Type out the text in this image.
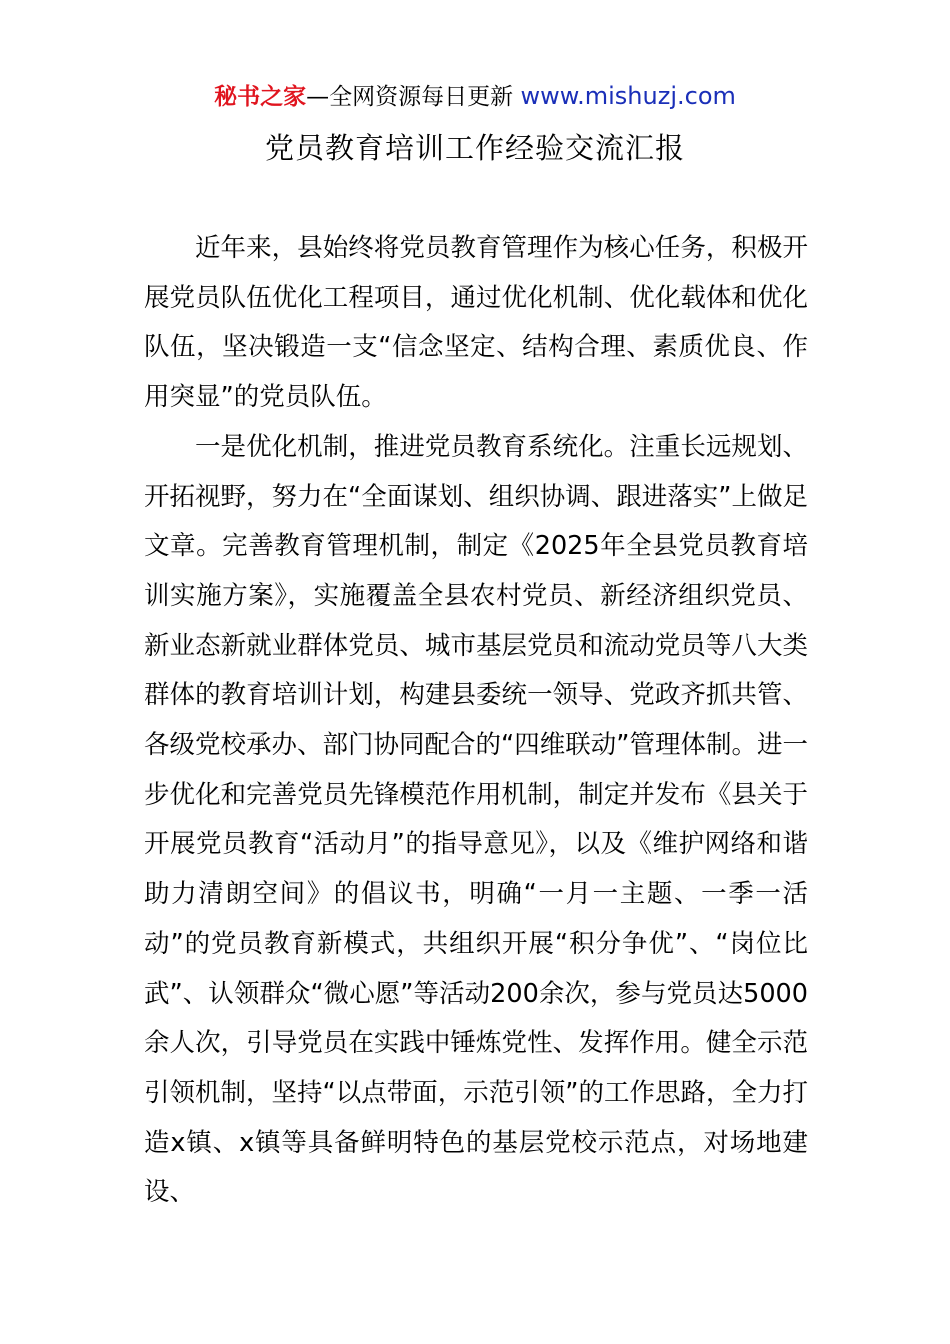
秘书之家—全网资源每日更新 www.mishuzj.com
党员教育培训工作经验交流汇报

近年来，县始终将党员教育管理作为核心任务，积极开展党员队伍优化工程项目，通过优化机制、优化载体和优化队伍，坚决锻造一支“信念坚定、结构合理、素质优良、作用突显”的党员队伍。

一是优化机制，推进党员教育系统化。注重长远规划、开拓视野，努力在“全面谋划、组织协调、跟进落实”上做足文章。完善教育管理机制，制定《2025年全县党员教育培训实施方案》，实施覆盖全县农村党员、新经济组织党员、新业态新就业群体党员、城市基层党员和流动党员等八大类群体的教育培训计划，构建县委统一领导、党政齐抓共管、各级党校承办、部门协同配合的“四维联动”管理体制。进一步优化和完善党员先锋模范作用机制，制定并发布《县关于开展党员教育“活动月”的指导意见》，以及《维护网络和谐助力清朗空间》的倡议书，明确“一月一主题、一季一活动”的党员教育新模式，共组织开展“积分争优”、“岗位比武”、认领群众“微心愿”等活动200余次，参与党员达5000余人次，引导党员在实践中锤炼党性、发挥作用。健全示范引领机制，坚持“以点带面，示范引领”的工作思路，全力打造x镇、x镇等具备鲜明特色的基层党校示范点，对场地建设、
